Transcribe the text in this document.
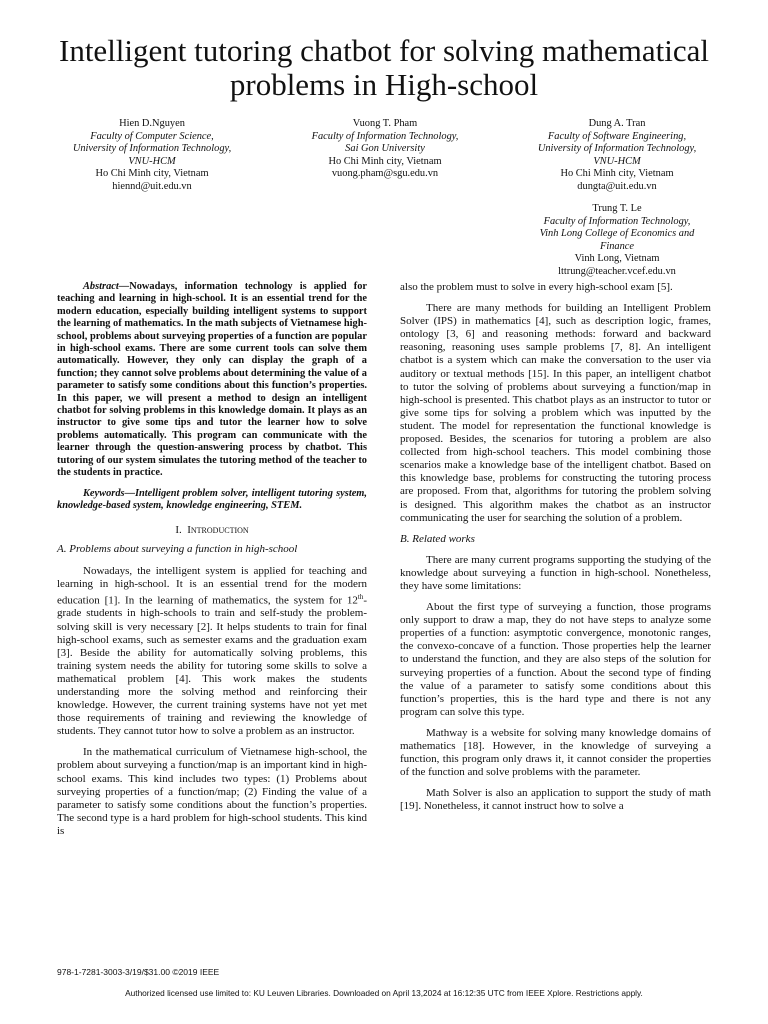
Intelligent tutoring chatbot for solving mathematical problems in High-school
Hien D.Nguyen
Faculty of Computer Science,
University of Information Technology,
VNU-HCM
Ho Chi Minh city, Vietnam
hiennd@uit.edu.vn
Vuong T. Pham
Faculty of Information Technology,
Sai Gon University
Ho Chi Minh city, Vietnam
vuong.pham@sgu.edu.vn
Dung A. Tran
Faculty of Software Engineering,
University of Information Technology,
VNU-HCM
Ho Chi Minh city, Vietnam
dungta@uit.edu.vn
Trung T. Le
Faculty of Information Technology,
Vinh Long College of Economics and
Finance
Vinh Long, Vietnam
lttrung@teacher.vcef.edu.vn

Abstract—Nowadays, information technology is applied for teaching and learning in high-school. It is an essential trend for the modern education, especially building intelligent systems to support the learning of mathematics. In the math subjects of Vietnamese high-school, problems about surveying properties of a function are popular in high-school exams. There are some current tools can solve them automatically. However, they only can display the graph of a function; they cannot solve problems about determining the value of a parameter to satisfy some conditions about this function’s properties. In this paper, we will present a method to design an intelligent chatbot for solving problems in this knowledge domain. It plays as an instructor to give some tips and tutor the learner how to solve problems automatically. This program can communicate with the learner through the question-answering process by chatbot. This tutoring of our system simulates the tutoring method of the teacher to the students in practice.

Keywords—Intelligent problem solver, intelligent tutoring system, knowledge-based system, knowledge engineering, STEM.

I. Introduction
A. Problems about surveying a function in high-school

Nowadays, the intelligent system is applied for teaching and learning in high-school. It is an essential trend for the modern education [1]. In the learning of mathematics, the system for 12th-grade students in high-schools to train and self-study the problem-solving skill is very necessary [2]. It helps students to train for final high-school exams, such as semester exams and the graduation exam [3]. Beside the ability for automatically solving problems, this training system needs the ability for tutoring some skills to solve a mathematical problem [4]. This work makes the students understanding more the solving method and reinforcing their knowledge. However, the current training systems have not yet met those requirements of training and reviewing the knowledge of students. They cannot tutor how to solve a problem as an instructor.

In the mathematical curriculum of Vietnamese high-school, the problem about surveying a function/map is an important kind in high-school exams. This kind includes two types: (1) Problems about surveying properties of a function/map; (2) Finding the value of a parameter to satisfy some conditions about the function’s properties. The second type is a hard problem for high-school students. This kind is

also the problem must to solve in every high-school exam [5].

There are many methods for building an Intelligent Problem Solver (IPS) in mathematics [4], such as description logic, frames, ontology [3, 6] and reasoning methods: forward and backward reasoning, reasoning uses sample problems [7, 8]. An intelligent chatbot is a system which can make the conversation to the user via auditory or textual methods [15]. In this paper, an intelligent chatbot to tutor the solving of problems about surveying a function/map in high-school is presented. This chatbot plays as an instructor to tutor or give some tips for solving a problem which was inputted by the student. The model for representation the functional knowledge is proposed. Besides, the scenarios for tutoring a problem are also collected from high-school teachers. This model combining those scenarios make a knowledge base of the intelligent chatbot. Based on this knowledge base, problems for constructing the tutoring process are proposed. From that, algorithms for tutoring the problem solving is designed. This algorithm makes the chatbot as an instructor communicating the user for searching the solution of a problem.

B. Related works

There are many current programs supporting the studying of the knowledge about surveying a function in high-school. Nonetheless, they have some limitations:

About the first type of surveying a function, those programs only support to draw a map, they do not have steps to analyze some properties of a function: asymptotic convergence, monotonic ranges, the convexo-concave of a function. Those properties help the learner to understand the function, and they are also steps of the solution for surveying properties of a function. About the second type of finding the value of a parameter to satisfy some conditions about this function’s properties, this is the hard type and there is not any program can solve this type.

Mathway is a website for solving many knowledge domains of mathematics [18]. However, in the knowledge of surveying a function, this program only draws it, it cannot consider the properties of the function and solve problems with the parameter.

Math Solver is also an application to support the study of math [19]. Nonetheless, it cannot instruct how to solve a

978-1-7281-3003-3/19/$31.00 ©2019 IEEE
Authorized licensed use limited to: KU Leuven Libraries. Downloaded on April 13,2024 at 16:12:35 UTC from IEEE Xplore. Restrictions apply.
